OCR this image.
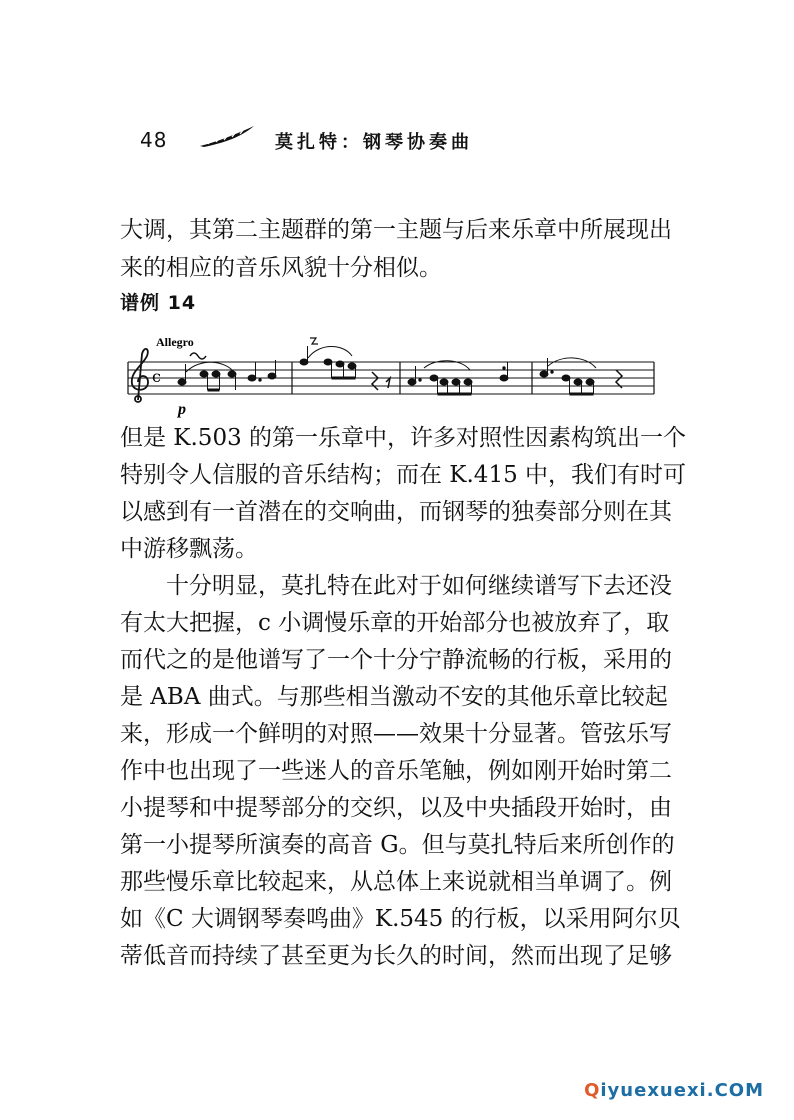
48	莫扎特：钢琴协奏曲
大调，其第二主题群的第一主题与后来乐章中所展现出
来的相应的音乐风貌十分相似。
谱例 14
Allegro
c
p
但是 K.503 的第一乐章中，许多对照性因素构筑出一个
特别令人信服的音乐结构；而在 K.415 中，我们有时可
以感到有一首潜在的交响曲，而钢琴的独奏部分则在其
中游移飘荡。
十分明显，莫扎特在此对于如何继续谱写下去还没
有太大把握，c 小调慢乐章的开始部分也被放弃了，取
而代之的是他谱写了一个十分宁静流畅的行板，采用的
是 ABA 曲式。与那些相当激动不安的其他乐章比较起
来，形成一个鲜明的对照——效果十分显著。管弦乐写
作中也出现了一些迷人的音乐笔触，例如刚开始时第二
小提琴和中提琴部分的交织，以及中央插段开始时，由
第一小提琴所演奏的高音 G。但与莫扎特后来所创作的
那些慢乐章比较起来，从总体上来说就相当单调了。例
如《C 大调钢琴奏鸣曲》K.545 的行板，以采用阿尔贝
蒂低音而持续了甚至更为长久的时间，然而出现了足够
Qiyuexuexi.COM
